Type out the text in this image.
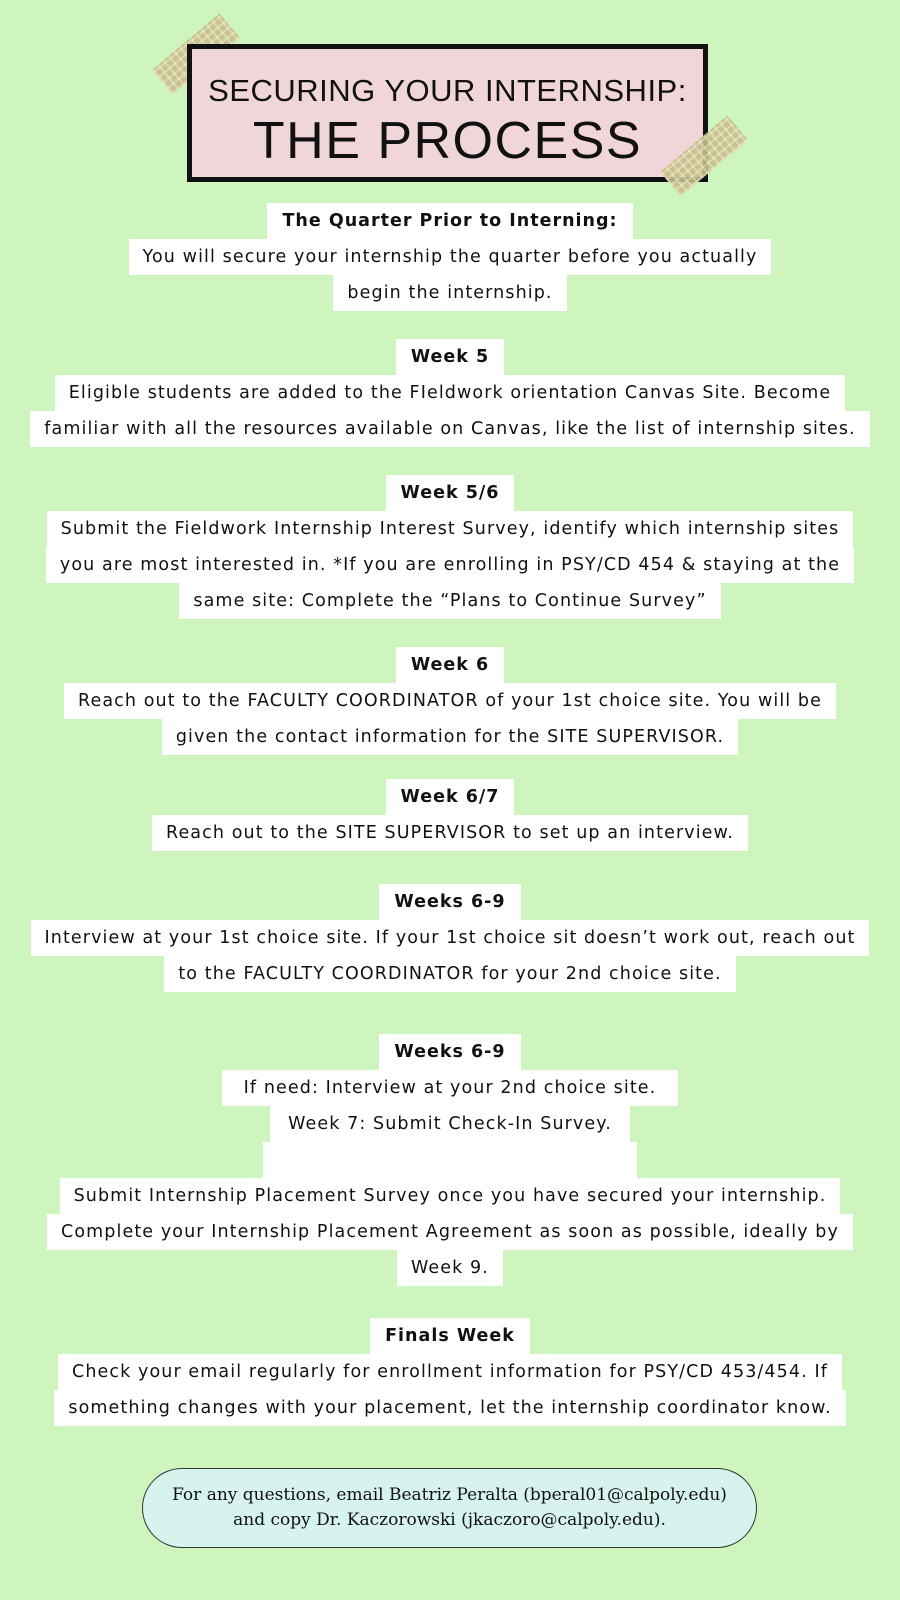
SECURING YOUR INTERNSHIP:
THE PROCESS
The Quarter Prior to Interning:
You will secure your internship the quarter before you actually
begin the internship.
Week 5
Eligible students are added to the FIeldwork orientation Canvas Site. Become
familiar with all the resources available on Canvas, like the list of internship sites.
Week 5/6
Submit the Fieldwork Internship Interest Survey, identify which internship sites
you are most interested in. *If you are enrolling in PSY/CD 454 & staying at the
same site: Complete the “Plans to Continue Survey”
Week 6
Reach out to the FACULTY COORDINATOR of your 1st choice site. You will be
given the contact information for the SITE SUPERVISOR.
Week 6/7
Reach out to the SITE SUPERVISOR to set up an interview.
Weeks 6-9
Interview at your 1st choice site. If your 1st choice sit doesn’t work out, reach out
to the FACULTY COORDINATOR for your 2nd choice site.
Weeks 6-9
If need: Interview at your 2nd choice site.
Week 7: Submit Check-In Survey.
Submit Internship Placement Survey once you have secured your internship.
Complete your Internship Placement Agreement as soon as possible, ideally by
Week 9.
Finals Week
Check your email regularly for enrollment information for PSY/CD 453/454. If
something changes with your placement, let the internship coordinator know.
For any questions, email Beatriz Peralta (bperal01@calpoly.edu)
and copy Dr. Kaczorowski (jkaczoro@calpoly.edu).
